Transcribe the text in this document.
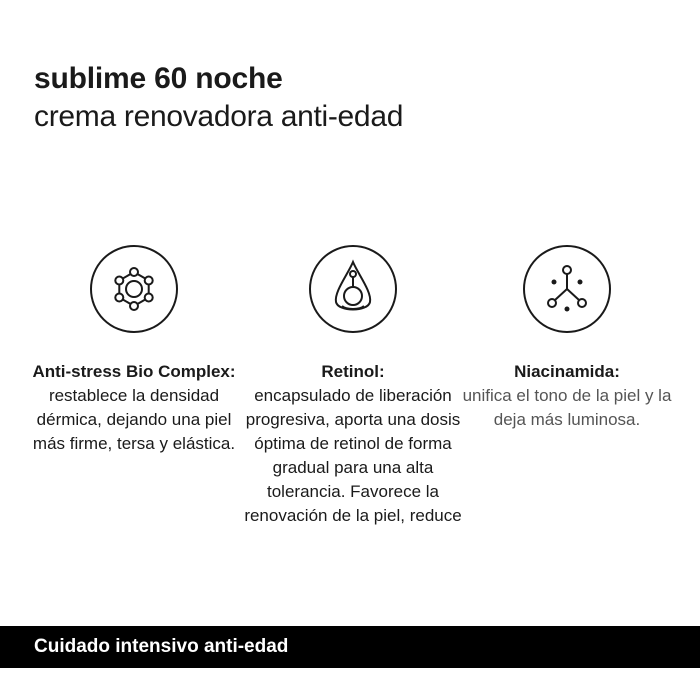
sublime 60 noche

crema renovadora anti-edad

Anti-stress Bio Complex:
restablece la densidad dérmica, dejando una piel más firme, tersa y elástica.
Retinol:
encapsulado de liberación progresiva, aporta una dosis óptima de retinol de forma gradual para una alta tolerancia. Favorece la renovación de la piel, reduce
Niacinamida:
unifica el tono de la piel y la deja más luminosa.
Cuidado intensivo anti-edad
